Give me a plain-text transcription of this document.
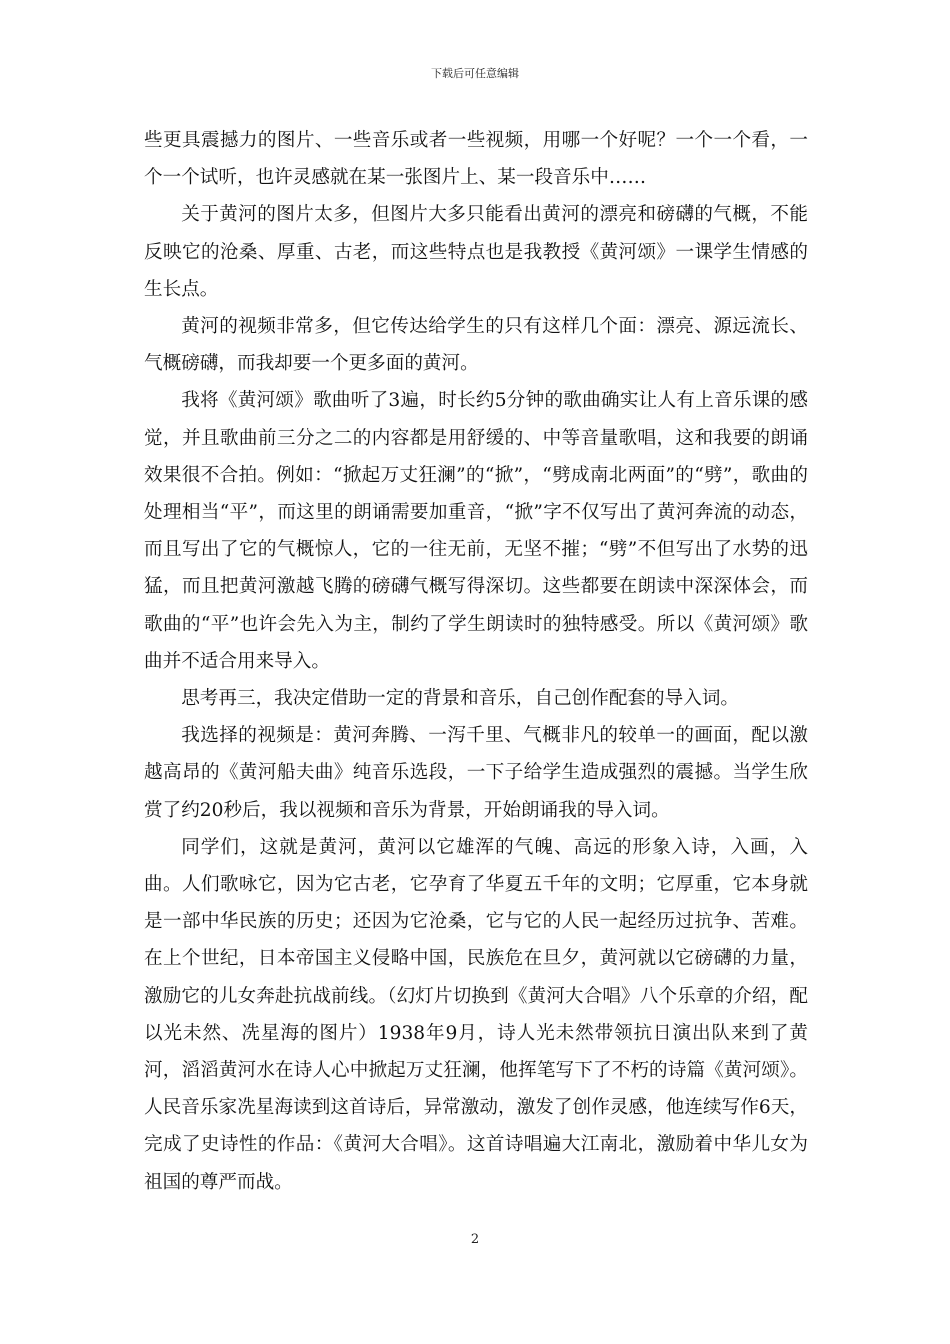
下载后可任意编辑

些更具震撼力的图片、一些音乐或者一些视频，用哪一个好呢？一个一个看，一个一个试听，也许灵感就在某一张图片上、某一段音乐中……

关于黄河的图片太多，但图片大多只能看出黄河的漂亮和磅礴的气概，不能反映它的沧桑、厚重、古老，而这些特点也是我教授《黄河颂》一课学生情感的生长点。

黄河的视频非常多，但它传达给学生的只有这样几个面：漂亮、源远流长、气概磅礴，而我却要一个更多面的黄河。

我将《黄河颂》歌曲听了3遍，时长约5分钟的歌曲确实让人有上音乐课的感觉，并且歌曲前三分之二的内容都是用舒缓的、中等音量歌唱，这和我要的朗诵效果很不合拍。例如：“掀起万丈狂澜”的“掀”，“劈成南北两面”的“劈”，歌曲的处理相当“平”，而这里的朗诵需要加重音，“掀”字不仅写出了黄河奔流的动态，而且写出了它的气概惊人，它的一往无前，无坚不摧；“劈”不但写出了水势的迅猛，而且把黄河激越飞腾的磅礴气概写得深切。这些都要在朗读中深深体会，而歌曲的“平”也许会先入为主，制约了学生朗读时的独特感受。所以《黄河颂》歌曲并不适合用来导入。

思考再三，我决定借助一定的背景和音乐，自己创作配套的导入词。

我选择的视频是：黄河奔腾、一泻千里、气概非凡的较单一的画面，配以激越高昂的《黄河船夫曲》纯音乐选段，一下子给学生造成强烈的震撼。当学生欣赏了约20秒后，我以视频和音乐为背景，开始朗诵我的导入词。

同学们，这就是黄河，黄河以它雄浑的气魄、高远的形象入诗，入画，入曲。人们歌咏它，因为它古老，它孕育了华夏五千年的文明；它厚重，它本身就是一部中华民族的历史；还因为它沧桑，它与它的人民一起经历过抗争、苦难。在上个世纪，日本帝国主义侵略中国，民族危在旦夕，黄河就以它磅礴的力量，激励它的儿女奔赴抗战前线。（幻灯片切换到《黄河大合唱》八个乐章的介绍，配以光未然、冼星海的图片）1938年9月，诗人光未然带领抗日演出队来到了黄河，滔滔黄河水在诗人心中掀起万丈狂澜，他挥笔写下了不朽的诗篇《黄河颂》。人民音乐家冼星海读到这首诗后，异常激动，激发了创作灵感，他连续写作6天，完成了史诗性的作品：《黄河大合唱》。这首诗唱遍大江南北，激励着中华儿女为祖国的尊严而战。

2
